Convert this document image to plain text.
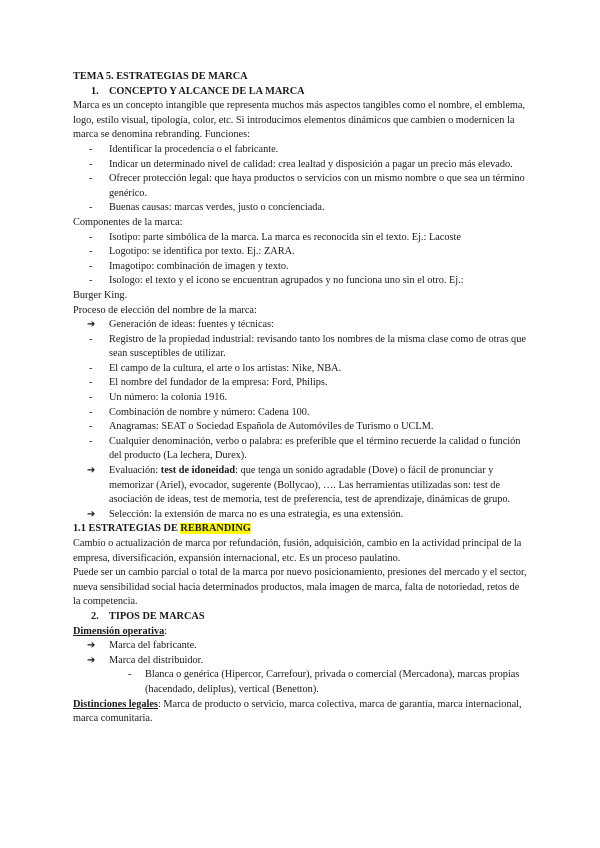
TEMA 5. ESTRATEGIAS DE MARCA
1. CONCEPTO Y ALCANCE DE LA MARCA
Marca es un concepto intangible que representa muchos más aspectos tangibles como el nombre, el emblema, logo, estilo visual, tipología, color, etc. Si introducimos elementos dinámicos que cambien o modernicen la marca se denomina rebranding. Funciones:
- Identificar la procedencia o el fabricante.
- Indicar un determinado nivel de calidad: crea lealtad y disposición a pagar un precio más elevado.
- Ofrecer protección legal: que haya productos o servicios con un mismo nombre o que sea un término genérico.
- Buenas causas: marcas verdes, justo o concienciada.
Componentes de la marca:
- Isotipo: parte simbólica de la marca. La marca es reconocida sin el texto. Ej.: Lacoste
- Logotipo: se identifica por texto. Ej.: ZARA.
- Imagotipo: combinación de imagen y texto.
- Isologo: el texto y el icono se encuentran agrupados y no funciona uno sin el otro. Ej.:
Burger King.
Proceso de elección del nombre de la marca:
➔ Generación de ideas: fuentes y técnicas:
- Registro de la propiedad industrial: revisando tanto los nombres de la misma clase como de otras que sean susceptibles de utilizar.
- El campo de la cultura, el arte o los artistas: Nike, NBA.
- El nombre del fundador de la empresa: Ford, Philips.
- Un número: la colonia 1916.
- Combinación de nombre y número: Cadena 100.
- Anagramas: SEAT o Sociedad Española de Automóviles de Turismo o UCLM.
- Cualquier denominación, verbo o palabra: es preferible que el término recuerde la calidad o función del producto (La lechera, Durex).
➔ Evaluación: test de idoneidad: que tenga un sonido agradable (Dove) o fácil de pronunciar y memorizar (Ariel), evocador, sugerente (Bollycao), …. Las herramientas utilizadas son: test de asociación de ideas, test de memoria, test de preferencia, test de aprendizaje, dinámicas de grupo.
➔ Selección: la extensión de marca no es una estrategia, es una extensión.
1.1 ESTRATEGIAS DE REBRANDING
Cambio o actualización de marca por refundación, fusión, adquisición, cambio en la actividad principal de la empresa, diversificación, expansión internacional, etc. Es un proceso paulatino.
Puede ser un cambio parcial o total de la marca por nuevo posicionamiento, presiones del mercado y el sector, nueva sensibilidad social hacia determinados productos, mala imagen de marca, falta de notoriedad, retos de la competencia.
2. TIPOS DE MARCAS
Dimensión operativa:
➔ Marca del fabricante.
➔ Marca del distribuidor.
- Blanca o genérica (Hipercor, Carrefour), privada o comercial (Mercadona), marcas propias (hacendado, deliplus), vertical (Benetton).
Distinciones legales: Marca de producto o servicio, marca colectiva, marca de garantía, marca internacional, marca comunitaria.
